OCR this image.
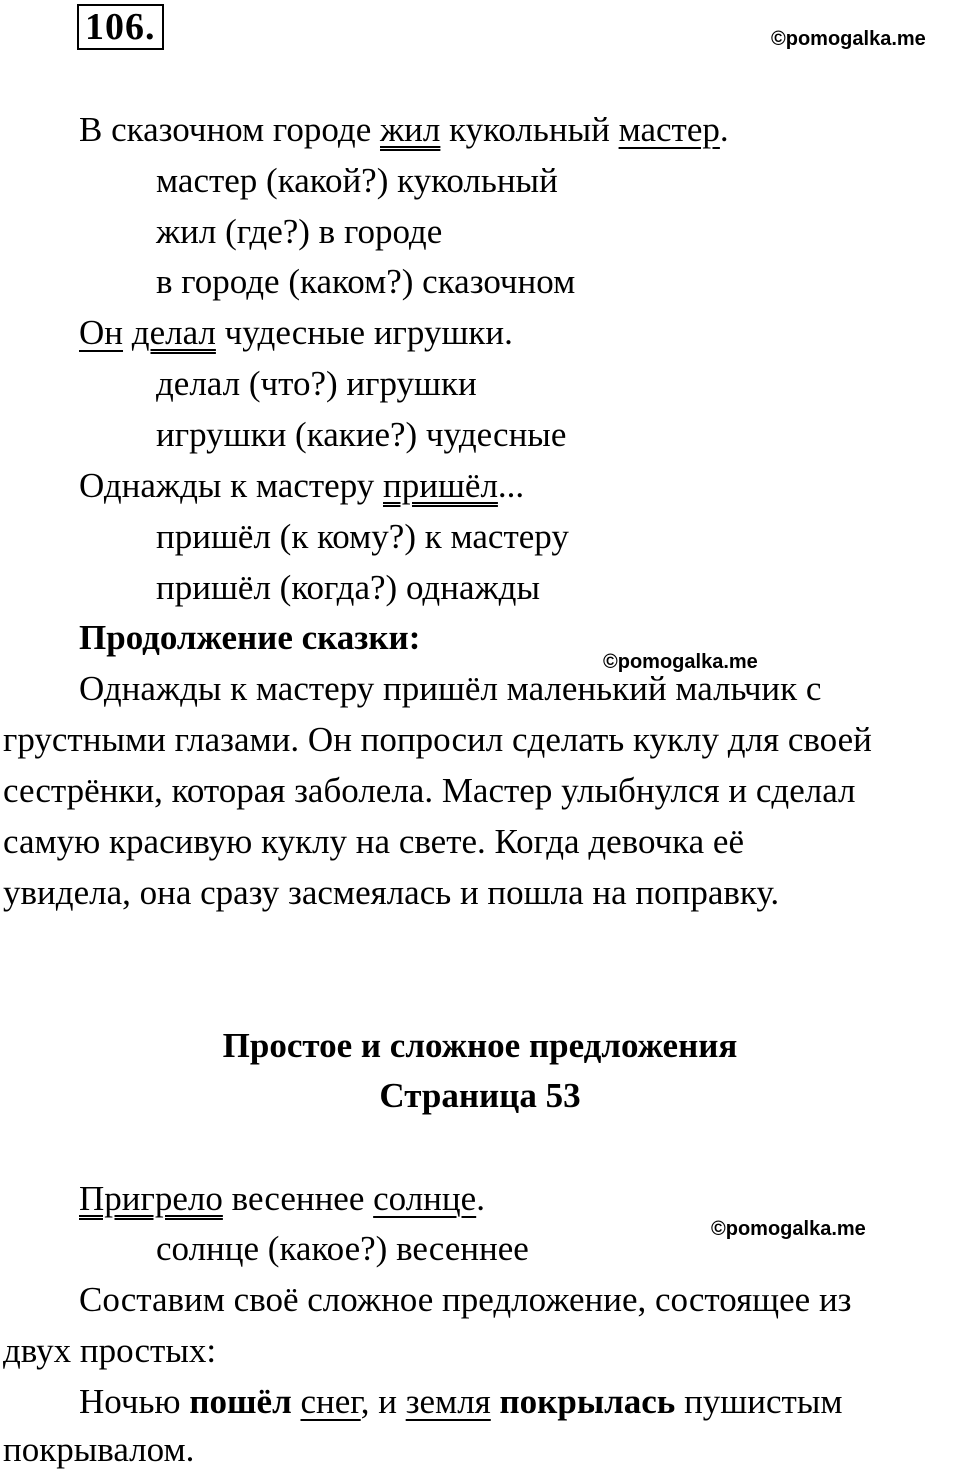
106.	©pomogalka.me
В сказочном городе жил кукольный мастер.
мастер (какой?) кукольный
жил (где?) в городе
в городе (каком?) сказочном
Он делал чудесные игрушки.
делал (что?) игрушки
игрушки (какие?) чудесные
Однажды к мастеру пришёл...
пришёл (к кому?) к мастеру
пришёл (когда?) однажды
Продолжение сказки:
©pomogalka.me
Однажды к мастеру пришёл маленький мальчик с
грустными глазами. Он попросил сделать куклу для своей
сестрёнки, которая заболела. Мастер улыбнулся и сделал
самую красивую куклу на свете. Когда девочка её
увидела, она сразу засмеялась и пошла на поправку.
Простое и сложное предложения
Страница 53
Пригрело весеннее солнце.
©pomogalka.me
солнце (какое?) весеннее
Составим своё сложное предложение, состоящее из
двух простых:
Ночью пошёл снег, и земля покрылась пушистым
покрывалом.
